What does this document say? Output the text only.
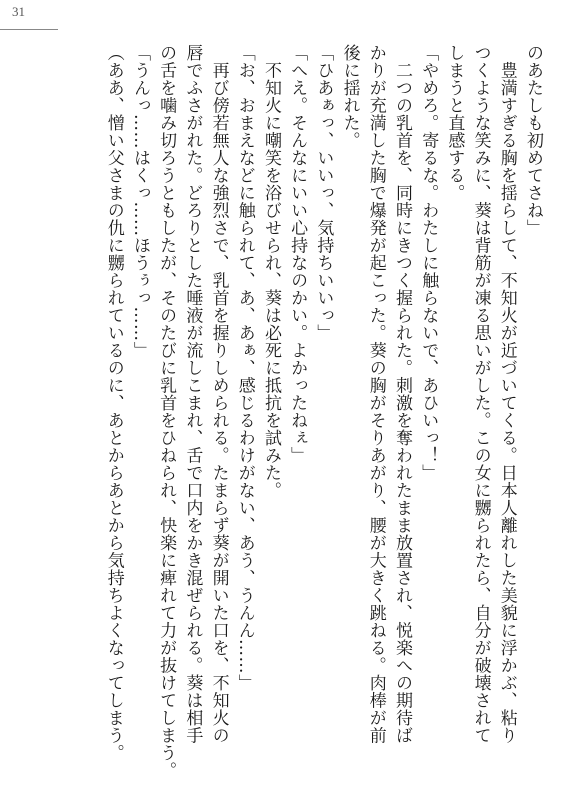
31

のあたしも初めてさね」

　豊満すぎる胸を揺らして、不知火が近づいてくる。日本人離れした美貌に浮かぶ、粘り

つくような笑みに、葵は背筋が凍る思いがした。この女に嬲られたら、自分が破壊されて

しまうと直感する。

「やめろ。寄るな。わたしに触らないで、あひいっ！」

　二つの乳首を、同時にきつく握られた。刺激を奪われたまま放置され、悦楽への期待ば

かりが充満した胸で爆発が起こった。葵の胸がそりあがり、腰が大きく跳ねる。肉棒が前

後に揺れた。

「ひあぁっ、いいっ、気持ちいいっ」

「へえ。そんなにいい心持なのかい。よかったねぇ」

　不知火に嘲笑を浴びせられ、葵は必死に抵抗を試みた。

「お、おまえなどに触られて、あ、あぁ、感じるわけがない、あう、うんん……」

　再び傍若無人な強烈さで、乳首を握りしめられる。たまらず葵が開いた口を、不知火の

唇でふさがれた。どろりとした唾液が流しこまれ、舌で口内をかき混ぜられる。葵は相手

の舌を噛み切ろうともしたが、そのたびに乳首をひねられ、快楽に痺れて力が抜けてしまう。

「うんっ……はくっ……ほうぅっ……」

（ああ、憎い父さまの仇に嬲られているのに、あとからあとから気持ちよくなってしまう。
